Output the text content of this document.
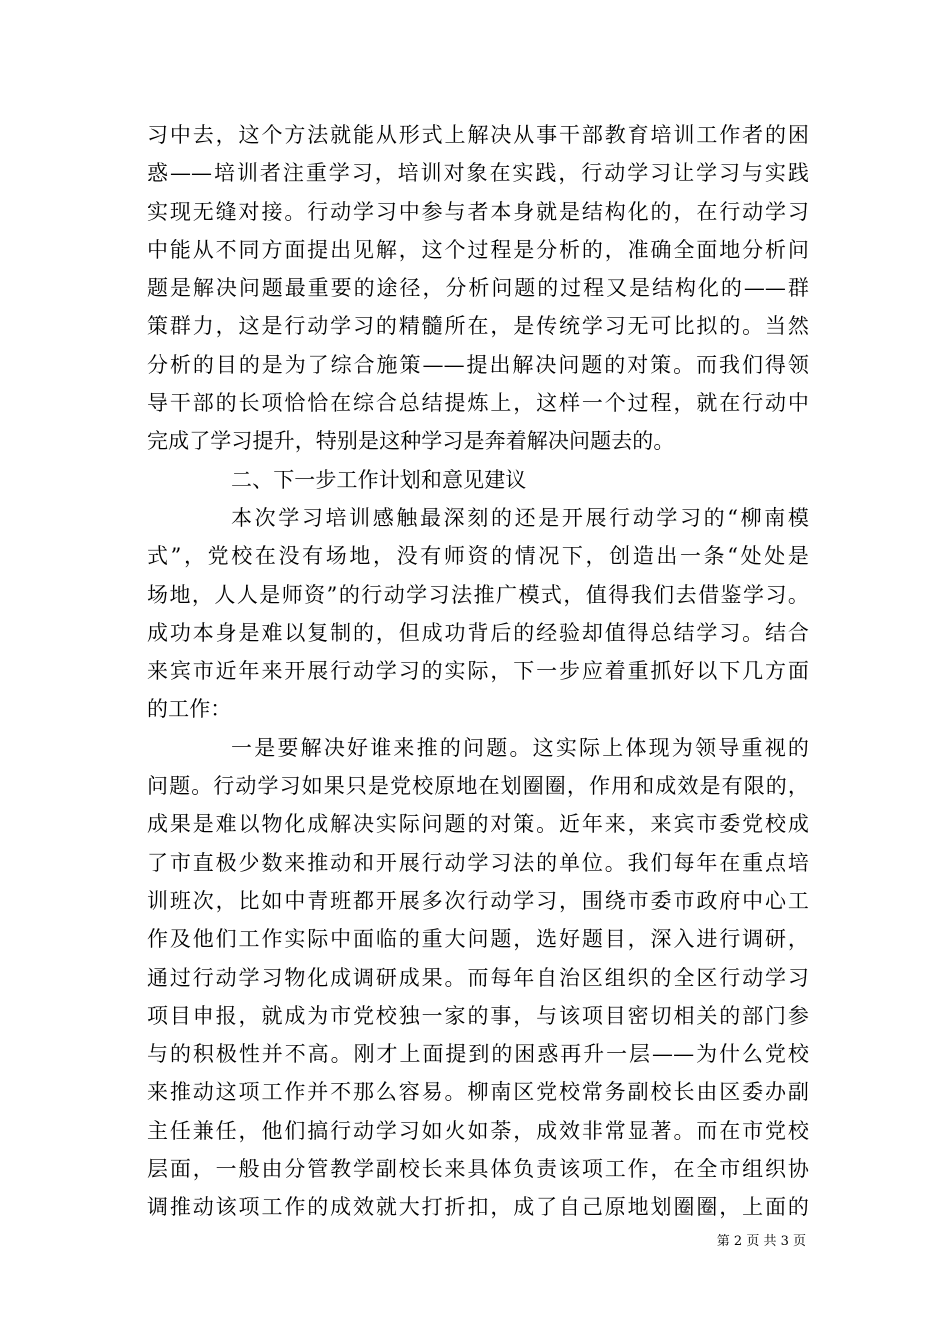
习中去，这个方法就能从形式上解决从事干部教育培训工作者的困
惑——培训者注重学习，培训对象在实践，行动学习让学习与实践
实现无缝对接。行动学习中参与者本身就是结构化的，在行动学习
中能从不同方面提出见解，这个过程是分析的，准确全面地分析问
题是解决问题最重要的途径，分析问题的过程又是结构化的——群
策群力，这是行动学习的精髓所在，是传统学习无可比拟的。当然
分析的目的是为了综合施策——提出解决问题的对策。而我们得领
导干部的长项恰恰在综合总结提炼上，这样一个过程，就在行动中
完成了学习提升，特别是这种学习是奔着解决问题去的。
二、下一步工作计划和意见建议
本次学习培训感触最深刻的还是开展行动学习的“柳南模
式”，党校在没有场地，没有师资的情况下，创造出一条“处处是
场地，人人是师资”的行动学习法推广模式，值得我们去借鉴学习。
成功本身是难以复制的，但成功背后的经验却值得总结学习。结合
来宾市近年来开展行动学习的实际，下一步应着重抓好以下几方面
的工作：
一是要解决好谁来推的问题。这实际上体现为领导重视的
问题。行动学习如果只是党校原地在划圈圈，作用和成效是有限的，
成果是难以物化成解决实际问题的对策。近年来，来宾市委党校成
了市直极少数来推动和开展行动学习法的单位。我们每年在重点培
训班次，比如中青班都开展多次行动学习，围绕市委市政府中心工
作及他们工作实际中面临的重大问题，选好题目，深入进行调研，
通过行动学习物化成调研成果。而每年自治区组织的全区行动学习
项目申报，就成为市党校独一家的事，与该项目密切相关的部门参
与的积极性并不高。刚才上面提到的困惑再升一层——为什么党校
来推动这项工作并不那么容易。柳南区党校常务副校长由区委办副
主任兼任，他们搞行动学习如火如荼，成效非常显著。而在市党校
层面，一般由分管教学副校长来具体负责该项工作，在全市组织协
调推动该项工作的成效就大打折扣，成了自己原地划圈圈，上面的
第 2 页 共 3 页
